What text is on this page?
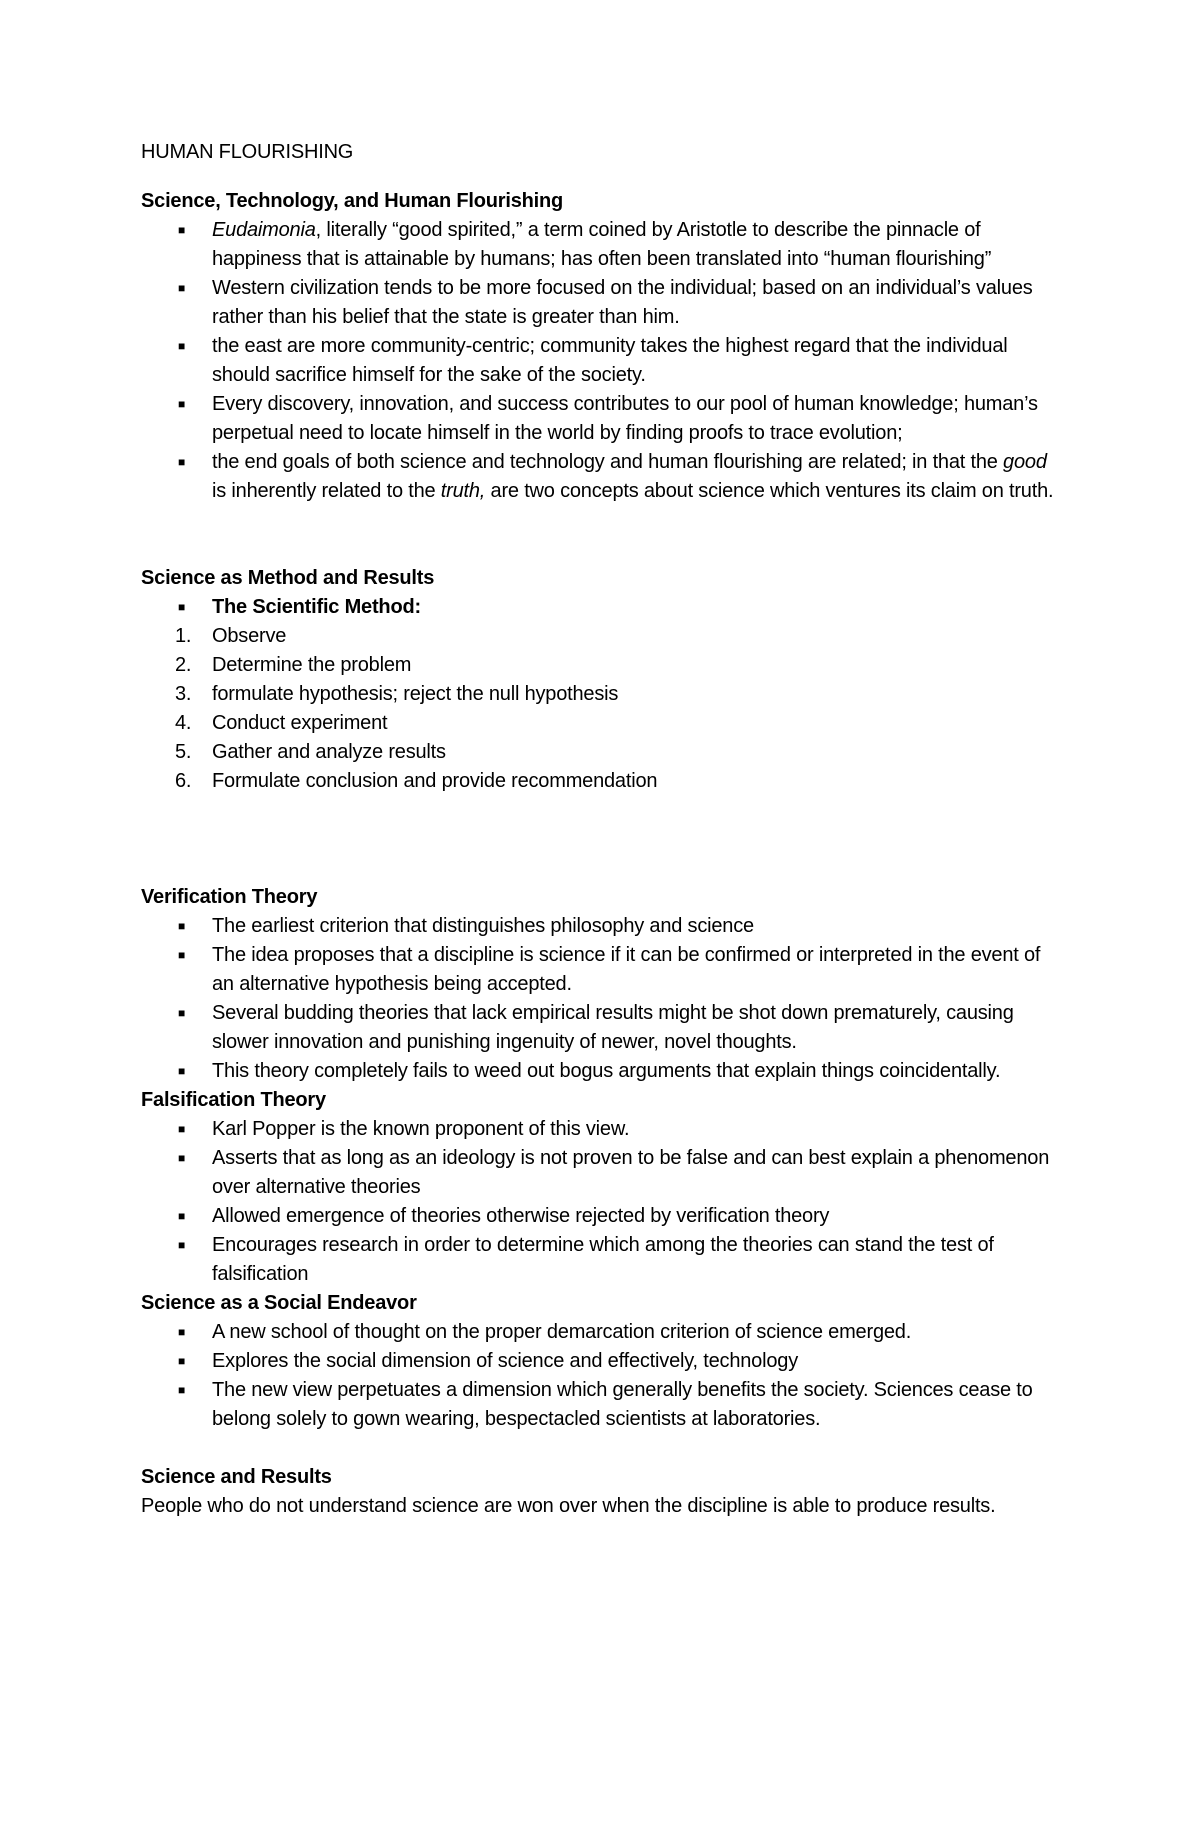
HUMAN FLOURISHING
Science, Technology, and Human Flourishing
■ Eudaimonia, literally “good spirited,” a term coined by Aristotle to describe the pinnacle of happiness that is attainable by humans; has often been translated into “human flourishing”
■ Western civilization tends to be more focused on the individual; based on an individual’s values rather than his belief that the state is greater than him.
■ the east are more community-centric; community takes the highest regard that the individual should sacrifice himself for the sake of the society.
■ Every discovery, innovation, and success contributes to our pool of human knowledge; human’s perpetual need to locate himself in the world by finding proofs to trace evolution;
■ the end goals of both science and technology and human flourishing are related; in that the good is inherently related to the truth, are two concepts about science which ventures its claim on truth.
Science as Method and Results
■ The Scientific Method:
1. Observe
2. Determine the problem
3. formulate hypothesis; reject the null hypothesis
4. Conduct experiment
5. Gather and analyze results
6. Formulate conclusion and provide recommendation
Verification Theory
■ The earliest criterion that distinguishes philosophy and science
■ The idea proposes that a discipline is science if it can be confirmed or interpreted in the event of an alternative hypothesis being accepted.
■ Several budding theories that lack empirical results might be shot down prematurely, causing slower innovation and punishing ingenuity of newer, novel thoughts.
■ This theory completely fails to weed out bogus arguments that explain things coincidentally.
Falsification Theory
■ Karl Popper is the known proponent of this view.
■ Asserts that as long as an ideology is not proven to be false and can best explain a phenomenon over alternative theories
■ Allowed emergence of theories otherwise rejected by verification theory
■ Encourages research in order to determine which among the theories can stand the test of falsification
Science as a Social Endeavor
■ A new school of thought on the proper demarcation criterion of science emerged.
■ Explores the social dimension of science and effectively, technology
■ The new view perpetuates a dimension which generally benefits the society. Sciences cease to belong solely to gown wearing, bespectacled scientists at laboratories.
Science and Results

People who do not understand science are won over when the discipline is able to produce results.
